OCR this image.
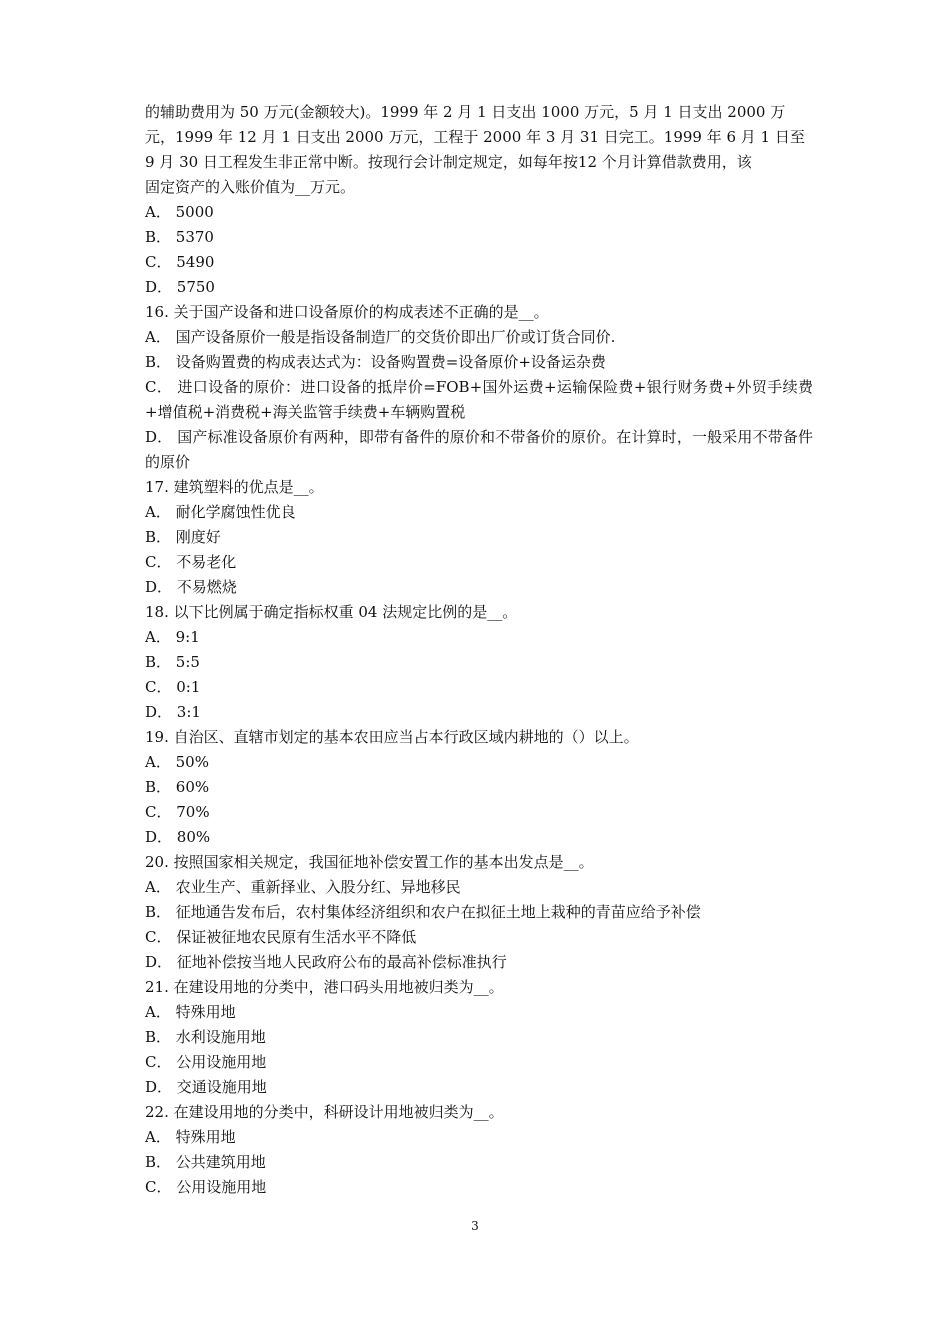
的辅助费用为 50 万元(金额较大)。1999 年 2 月 1 日支出 1000 万元，5 月 1 日支出 2000 万
元，1999 年 12 月 1 日支出 2000 万元，工程于 2000 年 3 月 31 日完工。1999 年 6 月 1 日至
9 月 30 日工程发生非正常中断。按现行会计制定规定，如每年按12 个月计算借款费用，该
固定资产的入账价值为__万元。
A． 5000
B． 5370
C． 5490
D． 5750
16. 关于国产设备和进口设备原价的构成表述不正确的是__。
A． 国产设备原价一般是指设备制造厂的交货价即出厂价或订货合同价.
B． 设备购置费的构成表达式为：设备购置费=设备原价+设备运杂费
C． 进口设备的原价：进口设备的抵岸价=FOB+国外运费+运输保险费+银行财务费+外贸手续费+增值税+消费税+海关监管手续费+车辆购置税
D． 国产标准设备原价有两种，即带有备件的原价和不带备价的原价。在计算时，一般采用不带备件的原价
17. 建筑塑料的优点是__。
A． 耐化学腐蚀性优良
B． 刚度好
C． 不易老化
D． 不易燃烧
18. 以下比例属于确定指标权重 04 法规定比例的是__。
A． 9:1
B． 5:5
C． 0:1
D． 3:1
19. 自治区、直辖市划定的基本农田应当占本行政区域内耕地的（）以上。
A． 50%
B． 60%
C． 70%
D． 80%
20. 按照国家相关规定，我国征地补偿安置工作的基本出发点是__。
A． 农业生产、重新择业、入股分红、异地移民
B． 征地通告发布后，农村集体经济组织和农户在拟征土地上栽种的青苗应给予补偿
C． 保证被征地农民原有生活水平不降低
D． 征地补偿按当地人民政府公布的最高补偿标准执行
21. 在建设用地的分类中，港口码头用地被归类为__。
A． 特殊用地
B． 水利设施用地
C． 公用设施用地
D． 交通设施用地
22. 在建设用地的分类中，科研设计用地被归类为__。
A． 特殊用地
B． 公共建筑用地
C． 公用设施用地
3
